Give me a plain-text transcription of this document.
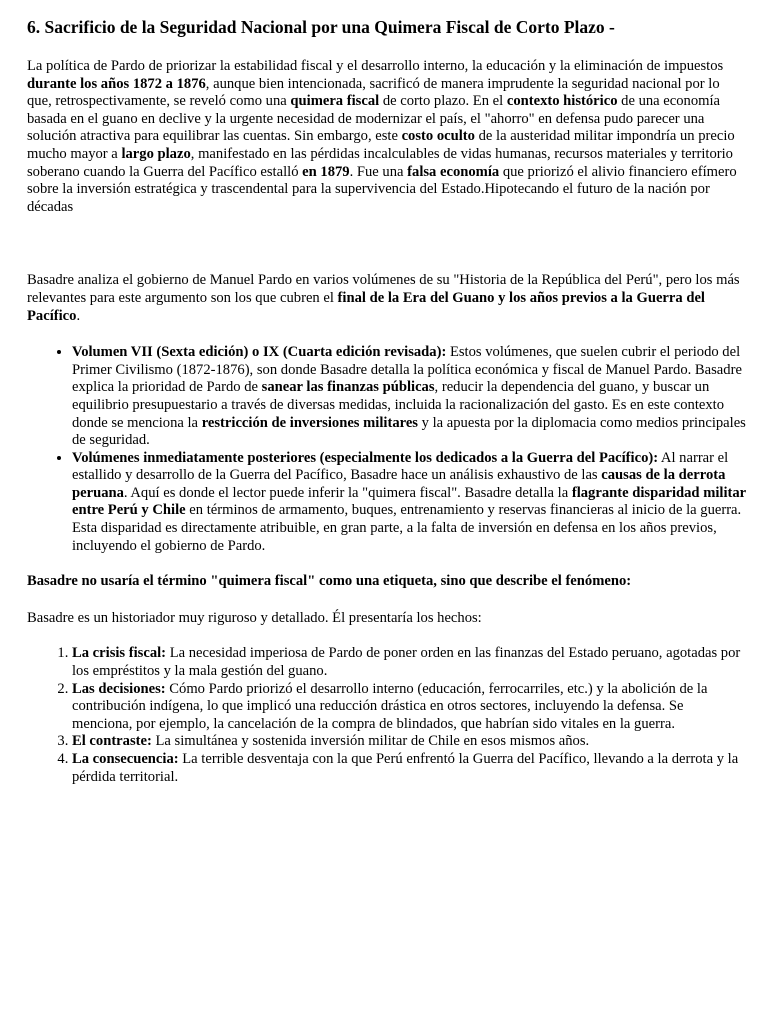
6. Sacrificio de la Seguridad Nacional por una Quimera Fiscal de Corto Plazo -

La política de Pardo de priorizar la estabilidad fiscal y el desarrollo interno, la educación y la eliminación de impuestos durante los años 1872 a 1876, aunque bien intencionada, sacrificó de manera imprudente la seguridad nacional por lo que, retrospectivamente, se reveló como una quimera fiscal de corto plazo. En el contexto histórico de una economía basada en el guano en declive y la urgente necesidad de modernizar el país, el "ahorro" en defensa pudo parecer una solución atractiva para equilibrar las cuentas. Sin embargo, este costo oculto de la austeridad militar impondría un precio mucho mayor a largo plazo, manifestado en las pérdidas incalculables de vidas humanas, recursos materiales y territorio soberano cuando la Guerra del Pacífico estalló en 1879. Fue una falsa economía que priorizó el alivio financiero efímero sobre la inversión estratégica y trascendental para la supervivencia del Estado.Hipotecando el futuro de la nación por décadas

Basadre analiza el gobierno de Manuel Pardo en varios volúmenes de su "Historia de la República del Perú", pero los más relevantes para este argumento son los que cubren el final de la Era del Guano y los años previos a la Guerra del Pacífico.

• Volumen VII (Sexta edición) o IX (Cuarta edición revisada): Estos volúmenes, que suelen cubrir el periodo del Primer Civilismo (1872-1876), son donde Basadre detalla la política económica y fiscal de Manuel Pardo. Basadre explica la prioridad de Pardo de sanear las finanzas públicas, reducir la dependencia del guano, y buscar un equilibrio presupuestario a través de diversas medidas, incluida la racionalización del gasto. Es en este contexto donde se menciona la restricción de inversiones militares y la apuesta por la diplomacia como medios principales de seguridad.
• Volúmenes inmediatamente posteriores (especialmente los dedicados a la Guerra del Pacífico): Al narrar el estallido y desarrollo de la Guerra del Pacífico, Basadre hace un análisis exhaustivo de las causas de la derrota peruana. Aquí es donde el lector puede inferir la "quimera fiscal". Basadre detalla la flagrante disparidad militar entre Perú y Chile en términos de armamento, buques, entrenamiento y reservas financieras al inicio de la guerra. Esta disparidad es directamente atribuible, en gran parte, a la falta de inversión en defensa en los años previos, incluyendo el gobierno de Pardo.

Basadre no usaría el término "quimera fiscal" como una etiqueta, sino que describe el fenómeno:

Basadre es un historiador muy riguroso y detallado. Él presentaría los hechos:

1. La crisis fiscal: La necesidad imperiosa de Pardo de poner orden en las finanzas del Estado peruano, agotadas por los empréstitos y la mala gestión del guano.
2. Las decisiones: Cómo Pardo priorizó el desarrollo interno (educación, ferrocarriles, etc.) y la abolición de la contribución indígena, lo que implicó una reducción drástica en otros sectores, incluyendo la defensa. Se menciona, por ejemplo, la cancelación de la compra de blindados, que habrían sido vitales en la guerra.
3. El contraste: La simultánea y sostenida inversión militar de Chile en esos mismos años.
4. La consecuencia: La terrible desventaja con la que Perú enfrentó la Guerra del Pacífico, llevando a la derrota y la pérdida territorial.
